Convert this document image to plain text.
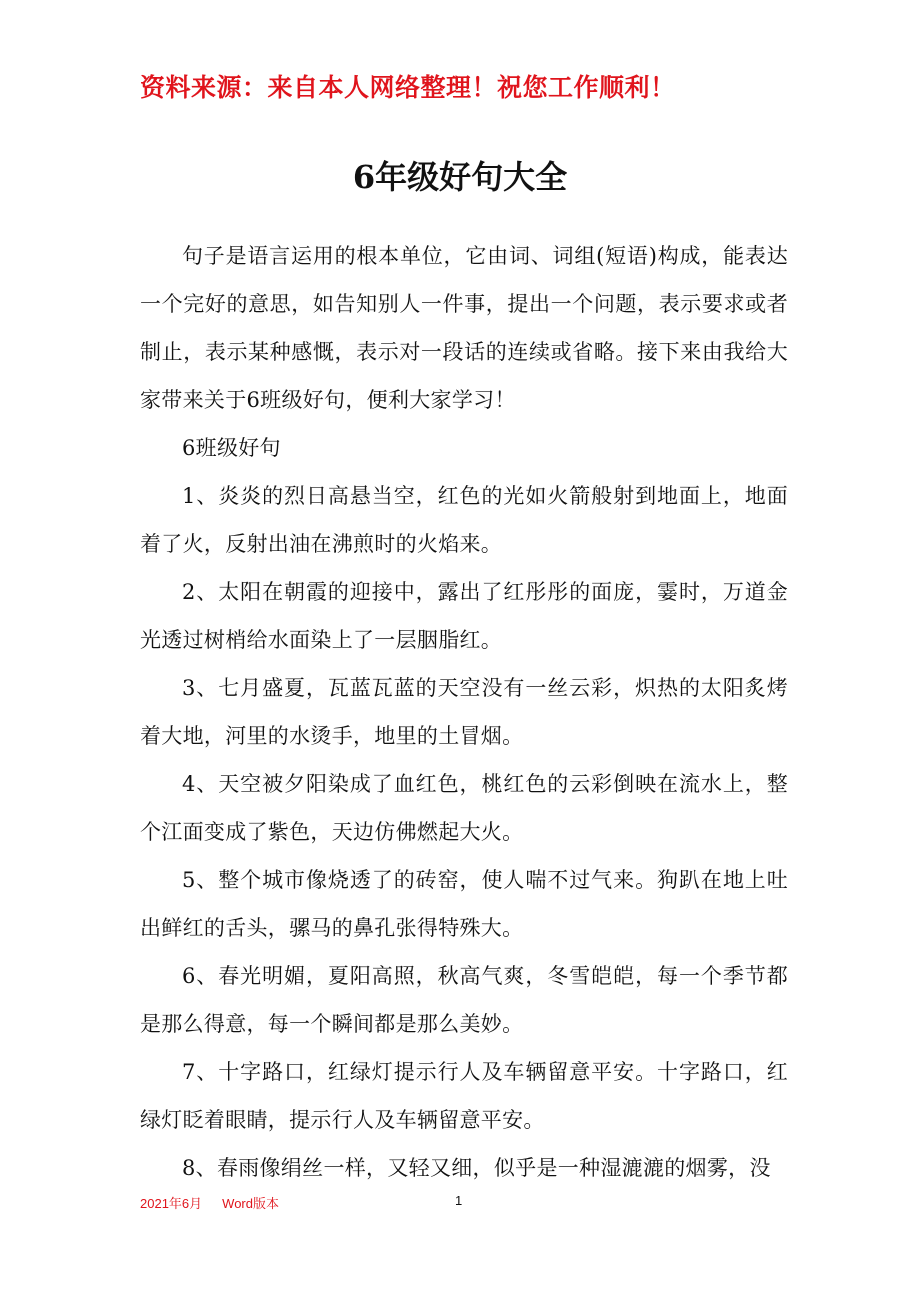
资料来源：来自本人网络整理！祝您工作顺利！
6年级好句大全

句子是语言运用的根本单位，它由词、词组(短语)构成，能表达一个完好的意思，如告知别人一件事，提出一个问题，表示要求或者制止，表示某种感慨，表示对一段话的连续或省略。接下来由我给大家带来关于6班级好句，便利大家学习！

6班级好句

1、炎炎的烈日高悬当空，红色的光如火箭般射到地面上，地面着了火，反射出油在沸煎时的火焰来。

2、太阳在朝霞的迎接中，露出了红彤彤的面庞，霎时，万道金光透过树梢给水面染上了一层胭脂红。

3、七月盛夏，瓦蓝瓦蓝的天空没有一丝云彩，炽热的太阳炙烤着大地，河里的水烫手，地里的土冒烟。

4、天空被夕阳染成了血红色，桃红色的云彩倒映在流水上，整个江面变成了紫色，天边仿佛燃起大火。

5、整个城市像烧透了的砖窑，使人喘不过气来。狗趴在地上吐出鲜红的舌头，骡马的鼻孔张得特殊大。

6、春光明媚，夏阳高照，秋高气爽，冬雪皑皑，每一个季节都是那么得意，每一个瞬间都是那么美妙。

7、十字路口，红绿灯提示行人及车辆留意平安。十字路口，红绿灯眨着眼睛，提示行人及车辆留意平安。

8、春雨像绢丝一样，又轻又细，似乎是一种湿漉漉的烟雾，没

2021年6月 Word版本	1
